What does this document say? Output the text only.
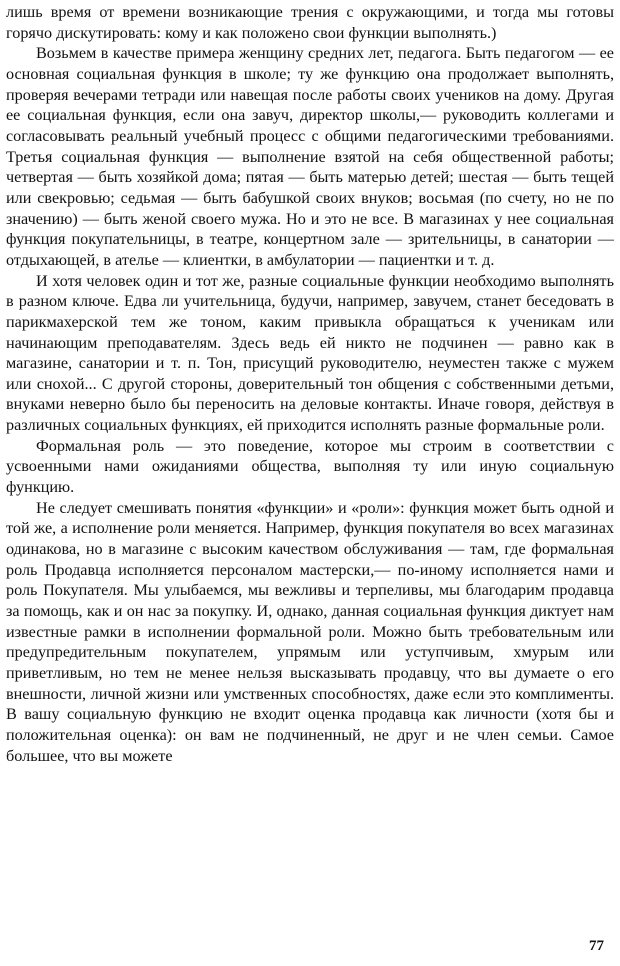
лишь время от времени возникающие трения с окружающими, и тогда мы готовы горячо дискутировать: кому и как положено свои функции выполнять.)

Возьмем в качестве примера женщину средних лет, педагога. Быть педагогом — ее основная социальная функция в школе; ту же функцию она продолжает выполнять, проверяя вечерами тетради или навещая после работы своих учеников на дому. Другая ее социальная функция, если она завуч, директор школы,— руководить коллегами и согласовывать реальный учебный процесс с общими педагогическими требованиями. Третья социальная функция — выполнение взятой на себя общественной работы; четвертая — быть хозяйкой дома; пятая — быть матерью детей; шестая — быть тещей или свекровью; седьмая — быть бабушкой своих внуков; восьмая (по счету, но не по значению) — быть женой своего мужа. Но и это не все. В магазинах у нее социальная функция покупательницы, в театре, концертном зале — зрительницы, в санатории — отдыхающей, в ателье — клиентки, в амбулатории — пациентки и т. д.

И хотя человек один и тот же, разные социальные функции необходимо выполнять в разном ключе. Едва ли учительница, будучи, например, завучем, станет беседовать в парикмахерской тем же тоном, каким привыкла обращаться к ученикам или начинающим преподавателям. Здесь ведь ей никто не подчинен — равно как в магазине, санатории и т. п. Тон, присущий руководителю, неуместен также с мужем или снохой... С другой стороны, доверительный тон общения с собственными детьми, внуками неверно было бы переносить на деловые контакты. Иначе говоря, действуя в различных социальных функциях, ей приходится исполнять разные формальные роли.

Формальная роль — это поведение, которое мы строим в соответствии с усвоенными нами ожиданиями общества, выполняя ту или иную социальную функцию.

Не следует смешивать понятия «функции» и «роли»: функция может быть одной и той же, а исполнение роли меняется. Например, функция покупателя во всех магазинах одинакова, но в магазине с высоким качеством обслуживания — там, где формальная роль Продавца исполняется персоналом мастерски,— по-иному исполняется нами и роль Покупателя. Мы улыбаемся, мы вежливы и терпеливы, мы благодарим продавца за помощь, как и он нас за покупку. И, однако, данная социальная функция диктует нам известные рамки в исполнении формальной роли. Можно быть требовательным или предупредительным покупателем, упрямым или уступчивым, хмурым или приветливым, но тем не менее нельзя высказывать продавцу, что вы думаете о его внешности, личной жизни или умственных способностях, даже если это комплименты. В вашу социальную функцию не входит оценка продавца как личности (хотя бы и положительная оценка): он вам не подчиненный, не друг и не член семьи. Самое большее, что вы можете

77
